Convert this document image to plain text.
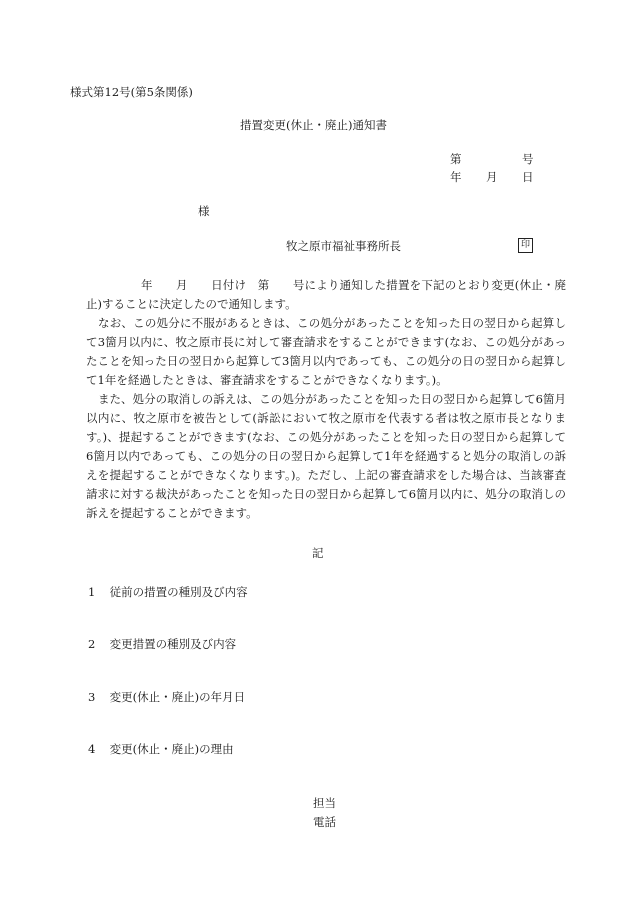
様式第12号(第5条関係)
措置変更(休止・廃止)通知書
第	号
年 月 日
様
牧之原市福祉事務所長	印
年　　月　　日付け　第　　号により通知した措置を下記のとおり変更(休止・廃止)することに決定したので通知します。
なお、この処分に不服があるときは、この処分があったことを知った日の翌日から起算して3箇月以内に、牧之原市長に対して審査請求をすることができます(なお、この処分があったことを知った日の翌日から起算して3箇月以内であっても、この処分の日の翌日から起算して1年を経過したときは、審査請求をすることができなくなります。)。
また、処分の取消しの訴えは、この処分があったことを知った日の翌日から起算して6箇月以内に、牧之原市を被告として(訴訟において牧之原市を代表する者は牧之原市長となります。)、提起することができます(なお、この処分があったことを知った日の翌日から起算して6箇月以内であっても、この処分の日の翌日から起算して1年を経過すると処分の取消しの訴えを提起することができなくなります。)。ただし、上記の審査請求をした場合は、当該審査請求に対する裁決があったことを知った日の翌日から起算して6箇月以内に、処分の取消しの訴えを提起することができます。
記
1 従前の措置の種別及び内容
2 変更措置の種別及び内容
3 変更(休止・廃止)の年月日
4 変更(休止・廃止)の理由
担当
電話
